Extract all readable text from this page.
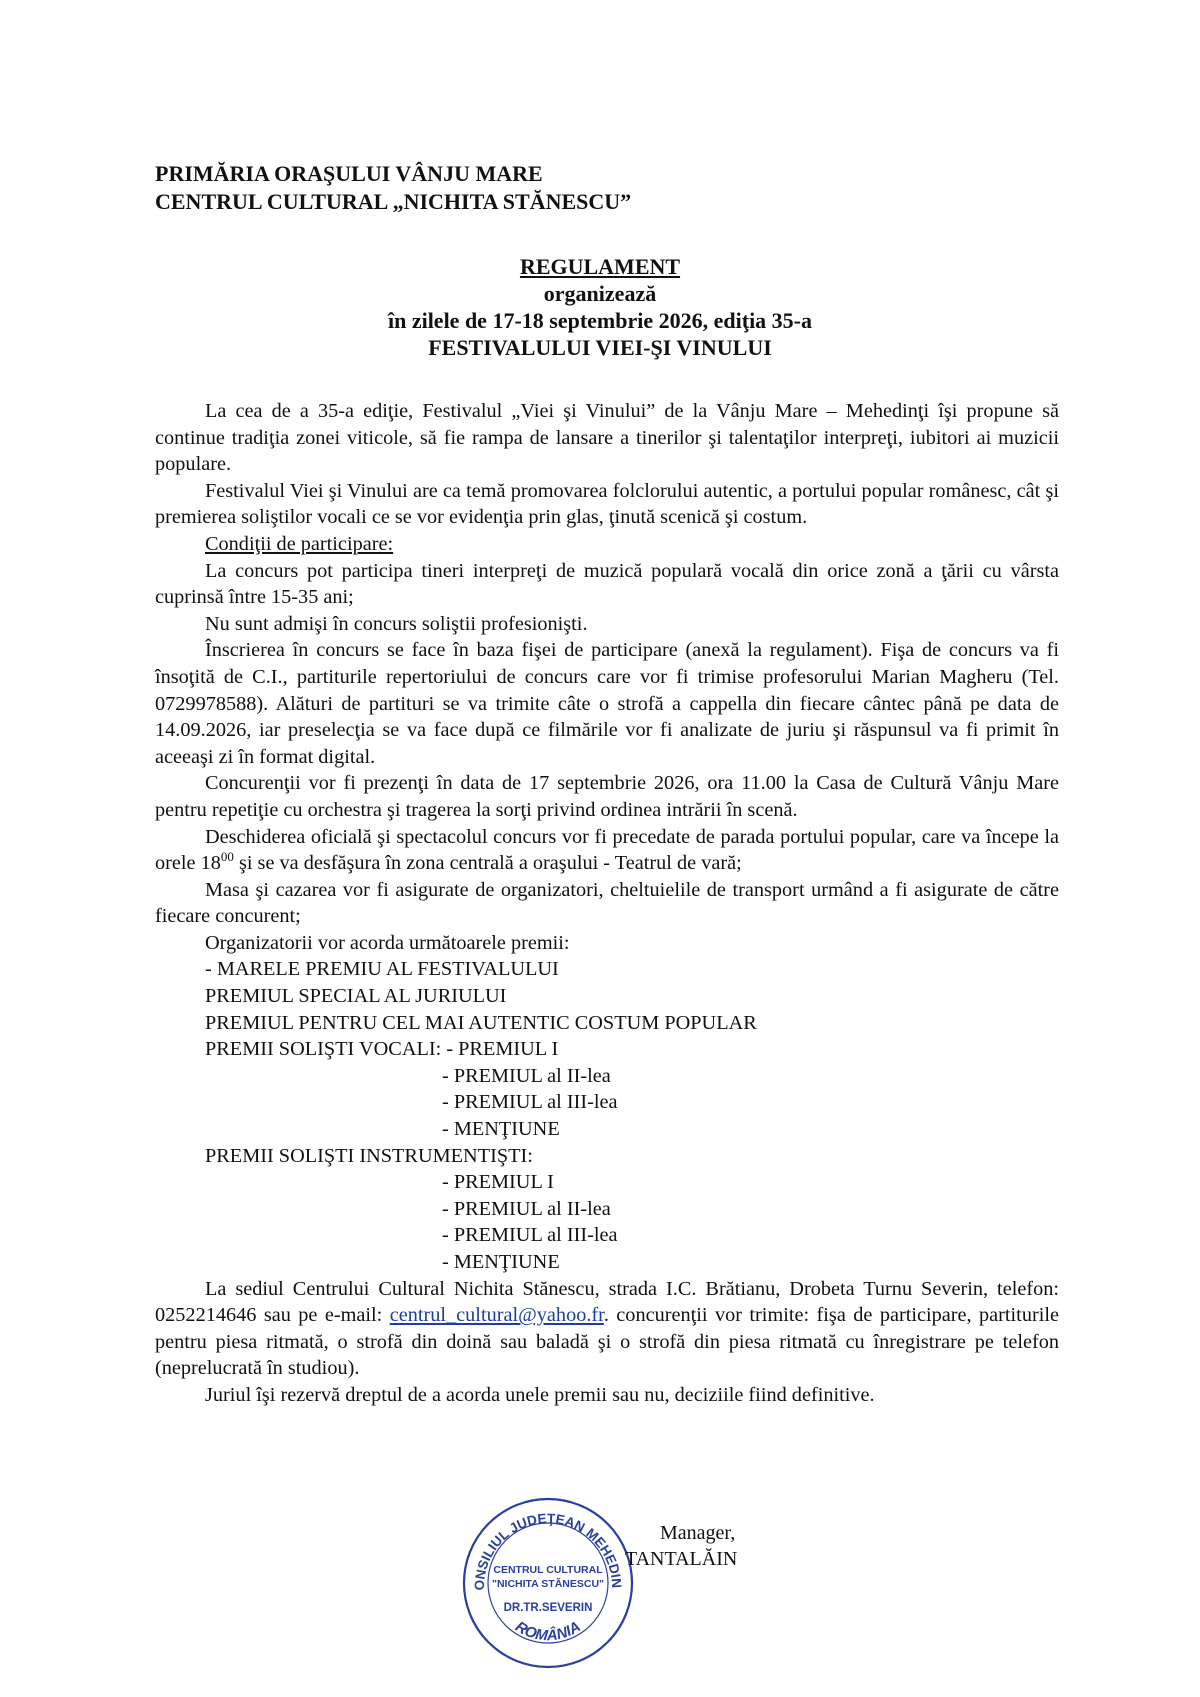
PRIMĂRIA ORAŞULUI VÂNJU MARE
CENTRUL CULTURAL „NICHITA STĂNESCU”
REGULAMENT
organizează
în zilele de 17-18 septembrie 2026, ediţia 35-a
FESTIVALULUI VIEI-ŞI VINULUI

La cea de a 35-a ediţie, Festivalul „Viei şi Vinului” de la Vânju Mare – Mehedinţi îşi propune să continue tradiţia zonei viticole, să fie rampa de lansare a tinerilor şi talentaţilor interpreţi, iubitori ai muzicii populare.

Festivalul Viei şi Vinului are ca temă promovarea folclorului autentic, a portului popular românesc, cât şi premierea soliştilor vocali ce se vor evidenţia prin glas, ţinută scenică şi costum.

Condiţii de participare:

La concurs pot participa tineri interpreţi de muzică populară vocală din orice zonă a ţării cu vârsta cuprinsă între 15-35 ani;

Nu sunt admişi în concurs soliştii profesionişti.

Înscrierea în concurs se face în baza fişei de participare (anexă la regulament). Fişa de concurs va fi însoţită de C.I., partiturile repertoriului de concurs care vor fi trimise profesorului Marian Magheru (Tel. 0729978588). Alături de partituri se va trimite câte o strofă a cappella din fiecare cântec până pe data de 14.09.2026, iar preselecţia se va face după ce filmările vor fi analizate de juriu şi răspunsul va fi primit în aceeaşi zi în format digital.

Concurenţii vor fi prezenţi în data de 17 septembrie 2026, ora 11.00 la Casa de Cultură Vânju Mare pentru repetiţie cu orchestra şi tragerea la sorţi privind ordinea intrării în scenă.

Deschiderea oficială şi spectacolul concurs vor fi precedate de parada portului popular, care va începe la orele $18^{00}$ şi se va desfăşura în zona centrală a oraşului - Teatrul de vară;

Masa şi cazarea vor fi asigurate de organizatori, cheltuielile de transport urmând a fi asigurate de către fiecare concurent;

Organizatorii vor acorda următoarele premii:

- MARELE PREMIU AL FESTIVALULUI

PREMIUL SPECIAL AL JURIULUI

PREMIUL PENTRU CEL MAI AUTENTIC COSTUM POPULAR

PREMII SOLIŞTI VOCALI: - PREMIUL I

- PREMIUL al II-lea

- PREMIUL al III-lea

- MENŢIUNE

PREMII SOLIŞTI INSTRUMENTIŞTI:

- PREMIUL I

- PREMIUL al II-lea

- PREMIUL al III-lea

- MENŢIUNE

La sediul Centrului Cultural Nichita Stănescu, strada I.C. Brătianu, Drobeta Turnu Severin, telefon: 0252214646 sau pe e-mail: centrul_cultural@yahoo.fr. concurenţii vor trimite: fişa de participare, partiturile pentru piesa ritmată, o strofă din doină sau baladă şi o strofă din piesa ritmată cu înregistrare pe telefon (neprelucrată în studiou).

Juriul îşi rezervă dreptul de a acorda unele premii sau nu, deciziile fiind definitive.

ONSILIUL JUDEŢEAN MEHEDIN
CENTRUL CULTURAL
"NICHITA STĂNESCU"
DR.TR.SEVERIN
ROMÂNIA
Manager,
TANTALĂIN
